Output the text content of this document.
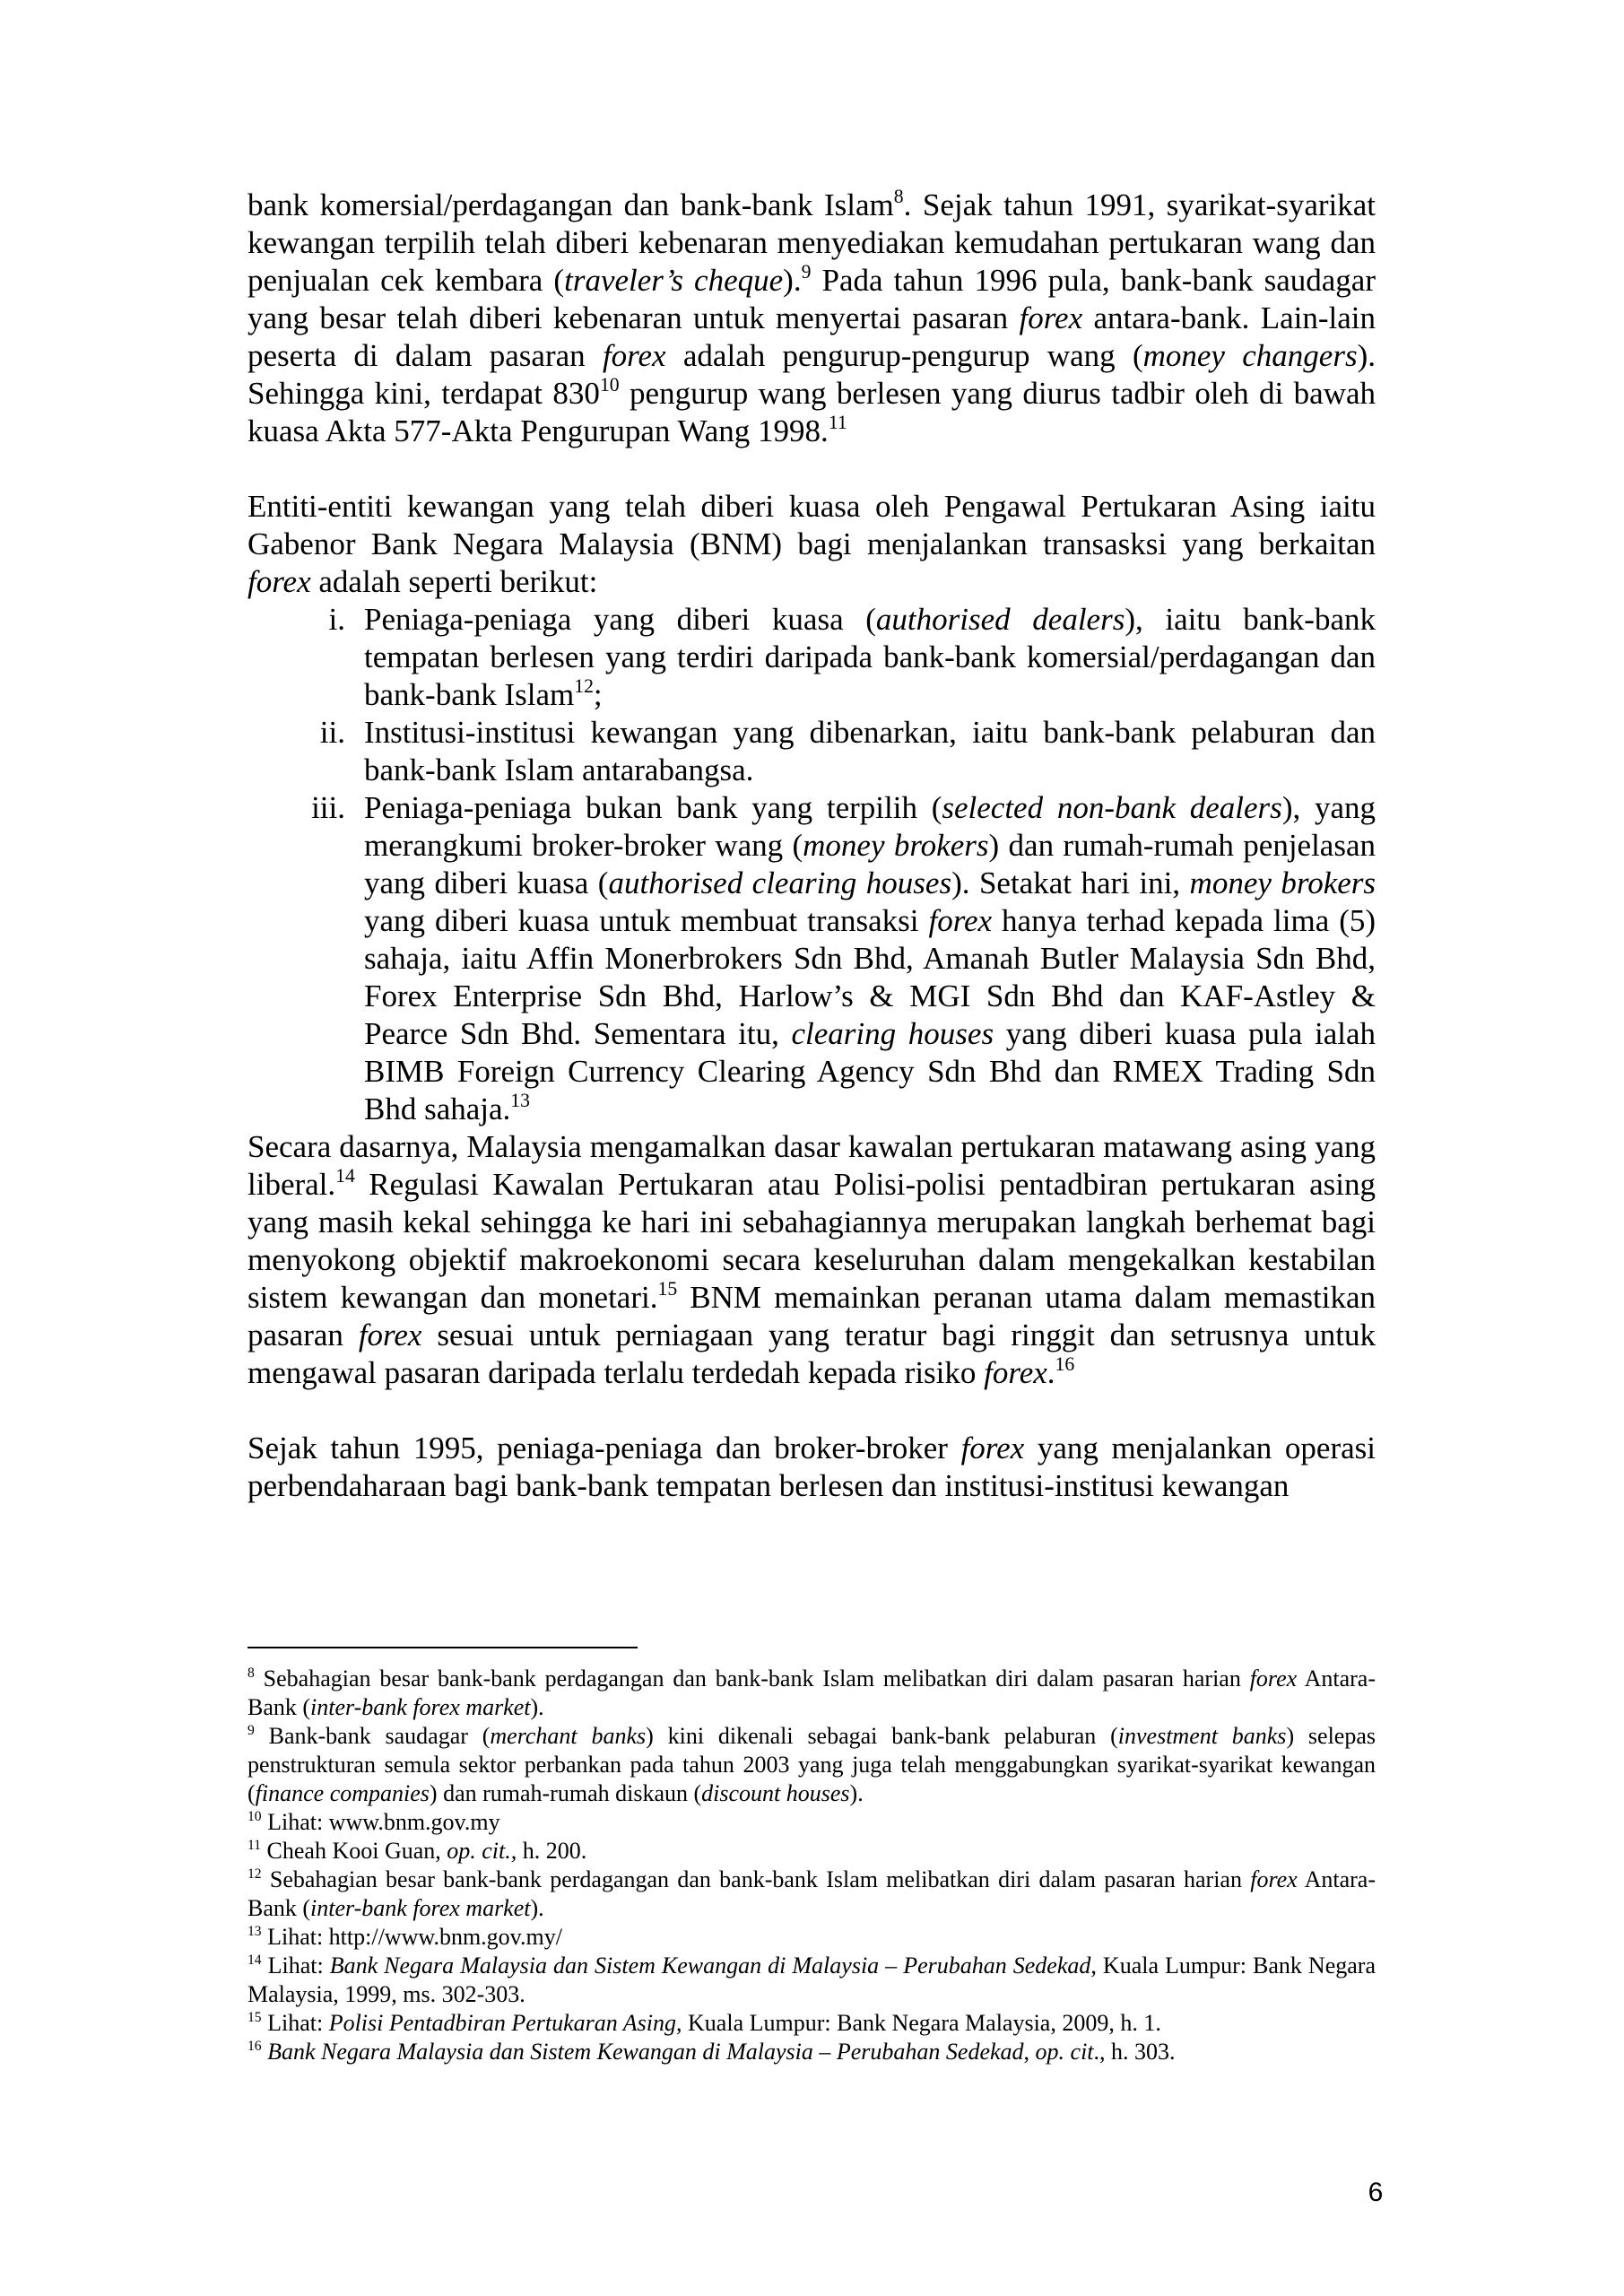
bank komersial/perdagangan dan bank-bank Islam$^8$. Sejak tahun 1991, syarikat-syarikat kewangan terpilih telah diberi kebenaran menyediakan kemudahan pertukaran wang dan penjualan cek kembara (traveler’s cheque).$^9$ Pada tahun 1996 pula, bank-bank saudagar yang besar telah diberi kebenaran untuk menyertai pasaran forex antara-bank. Lain-lain peserta di dalam pasaran forex adalah pengurup-pengurup wang (money changers). Sehingga kini, terdapat $830^{10}$ pengurup wang berlesen yang diurus tadbir oleh di bawah kuasa Akta 577-Akta Pengurupan Wang 1998.11

Entiti-entiti kewangan yang telah diberi kuasa oleh Pengawal Pertukaran Asing iaitu Gabenor Bank Negara Malaysia (BNM) bagi menjalankan transasksi yang berkaitan forex adalah seperti berikut:

i. Peniaga-peniaga yang diberi kuasa (authorised dealers), iaitu bank-bank tempatan berlesen yang terdiri daripada bank-bank komersial/perdagangan dan bank-bank Islam$^{12}$;
ii. Institusi-institusi kewangan yang dibenarkan, iaitu bank-bank pelaburan dan bank-bank Islam antarabangsa.
iii. Peniaga-peniaga bukan bank yang terpilih (selected non-bank dealers), yang merangkumi broker-broker wang (money brokers) dan rumah-rumah penjelasan yang diberi kuasa (authorised clearing houses). Setakat hari ini, money brokers yang diberi kuasa untuk membuat transaksi forex hanya terhad kepada lima (5) sahaja, iaitu Affin Monerbrokers Sdn Bhd, Amanah Butler Malaysia Sdn Bhd, Forex Enterprise Sdn Bhd, Harlow’s & MGI Sdn Bhd dan KAF-Astley & Pearce Sdn Bhd. Sementara itu, clearing houses yang diberi kuasa pula ialah BIMB Foreign Currency Clearing Agency Sdn Bhd dan RMEX Trading Sdn Bhd sahaja.$^{13}$

Secara dasarnya, Malaysia mengamalkan dasar kawalan pertukaran matawang asing yang liberal.$^{14}$ Regulasi Kawalan Pertukaran atau Polisi-polisi pentadbiran pertukaran asing yang masih kekal sehingga ke hari ini sebahagiannya merupakan langkah berhemat bagi menyokong objektif makroekonomi secara keseluruhan dalam mengekalkan kestabilan sistem kewangan dan monetari.$^{15}$ BNM memainkan peranan utama dalam memastikan pasaran forex sesuai untuk perniagaan yang teratur bagi ringgit dan setrusnya untuk mengawal pasaran daripada terlalu terdedah kepada risiko forex.$^{16}$

Sejak tahun 1995, peniaga-peniaga dan broker-broker forex yang menjalankan operasi perbendaharaan bagi bank-bank tempatan berlesen dan institusi-institusi kewangan

$^8$ Sebahagian besar bank-bank perdagangan dan bank-bank Islam melibatkan diri dalam pasaran harian forex Antara-Bank (inter-bank forex market).

$^9$ Bank-bank saudagar (merchant banks) kini dikenali sebagai bank-bank pelaburan (investment banks) selepas penstrukturan semula sektor perbankan pada tahun 2003 yang juga telah menggabungkan syarikat-syarikat kewangan (finance companies) dan rumah-rumah diskaun (discount houses).

$^{10}$ Lihat: www.bnm.gov.my

$^{11}$ Cheah Kooi Guan, op. cit., h. 200.

$^{12}$ Sebahagian besar bank-bank perdagangan dan bank-bank Islam melibatkan diri dalam pasaran harian forex Antara-Bank (inter-bank forex market).

$^{13}$ Lihat: http://www.bnm.gov.my/

$^{14}$ Lihat: Bank Negara Malaysia dan Sistem Kewangan di Malaysia – Perubahan Sedekad, Kuala Lumpur: Bank Negara Malaysia, 1999, ms. 302-303.

$^{15}$ Lihat: Polisi Pentadbiran Pertukaran Asing, Kuala Lumpur: Bank Negara Malaysia, 2009, h. 1.

$^{16}$ Bank Negara Malaysia dan Sistem Kewangan di Malaysia – Perubahan Sedekad, op. cit., h. 303.

6
